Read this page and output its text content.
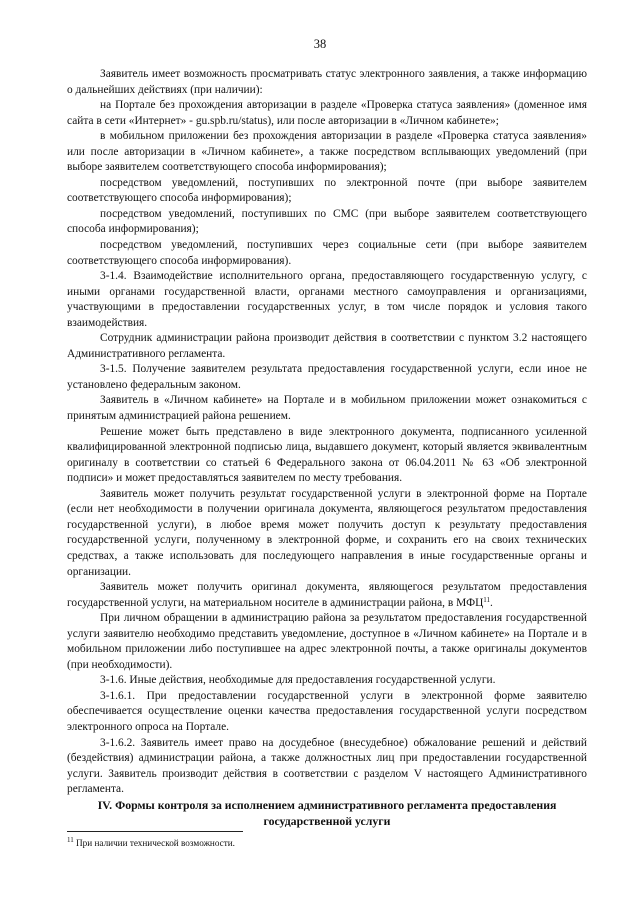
38

Заявитель имеет возможность просматривать статус электронного заявления, а также информацию о дальнейших действиях (при наличии):

на Портале без прохождения авторизации в разделе «Проверка статуса заявления» (доменное имя сайта в сети «Интернет» - gu.spb.ru/status), или после авторизации в «Личном кабинете»;

в мобильном приложении без прохождения авторизации в разделе «Проверка статуса заявления» или после авторизации в «Личном кабинете», а также посредством всплывающих уведомлений (при выборе заявителем соответствующего способа информирования);

посредством уведомлений, поступивших по электронной почте (при выборе заявителем соответствующего способа информирования);

посредством уведомлений, поступивших по СМС (при выборе заявителем соответствующего способа информирования);

посредством уведомлений, поступивших через социальные сети (при выборе заявителем соответствующего способа информирования).

3-1.4. Взаимодействие исполнительного органа, предоставляющего государственную услугу, с иными органами государственной власти, органами местного самоуправления и организациями, участвующими в предоставлении государственных услуг, в том числе порядок и условия такого взаимодействия.

Сотрудник администрации района производит действия в соответствии с пунктом 3.2 настоящего Административного регламента.

3-1.5. Получение заявителем результата предоставления государственной услуги, если иное не установлено федеральным законом.

Заявитель в «Личном кабинете» на Портале и в мобильном приложении может ознакомиться с принятым администрацией района решением.

Решение может быть представлено в виде электронного документа, подписанного усиленной квалифицированной электронной подписью лица, выдавшего документ, который является эквивалентным оригиналу в соответствии со статьей 6 Федерального закона от 06.04.2011 № 63 «Об электронной подписи» и может предоставляться заявителем по месту требования.

Заявитель может получить результат государственной услуги в электронной форме на Портале (если нет необходимости в получении оригинала документа, являющегося результатом предоставления государственной услуги), в любое время может получить доступ к результату предоставления государственной услуги, полученному в электронной форме, и сохранить его на своих технических средствах, а также использовать для последующего направления в иные государственные органы и организации.

Заявитель может получить оригинал документа, являющегося результатом предоставления государственной услуги, на материальном носителе в администрации района, в МФЦ$^{11}$.

При личном обращении в администрацию района за результатом предоставления государственной услуги заявителю необходимо представить уведомление, доступное в «Личном кабинете» на Портале и в мобильном приложении либо поступившее на адрес электронной почты, а также оригиналы документов (при необходимости).

3-1.6. Иные действия, необходимые для предоставления государственной услуги.

3-1.6.1. При предоставлении государственной услуги в электронной форме заявителю обеспечивается осуществление оценки качества предоставления государственной услуги посредством электронного опроса на Портале.

3-1.6.2. Заявитель имеет право на досудебное (внесудебное) обжалование решений и действий (бездействия) администрации района, а также должностных лиц при предоставлении государственной услуги. Заявитель производит действия в соответствии с разделом V настоящего Административного регламента.

IV. Формы контроля за исполнением административного регламента предоставления
государственной услуги
$^{11}$ При наличии технической возможности.
